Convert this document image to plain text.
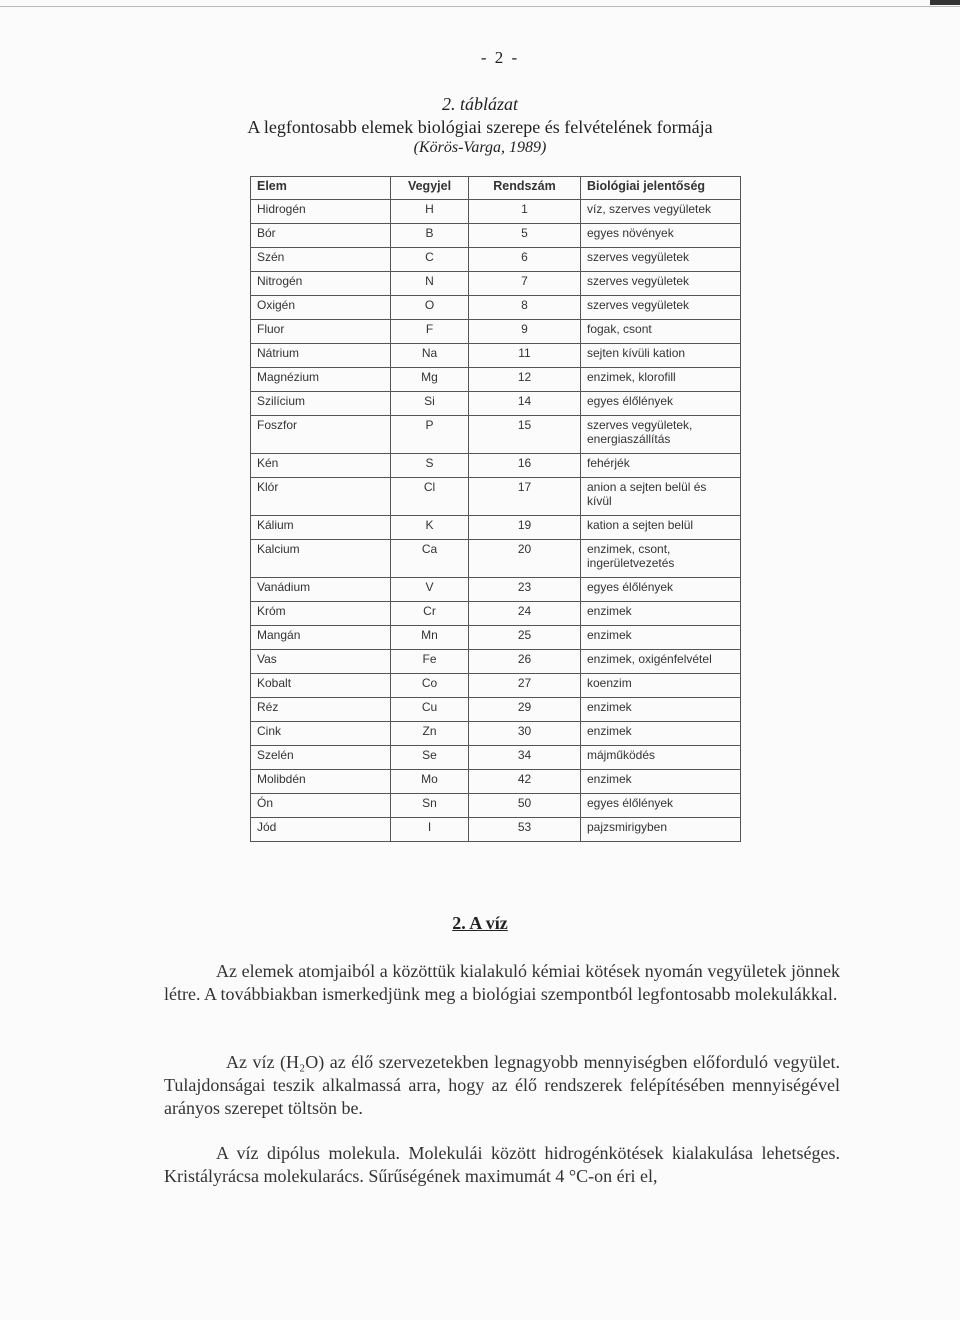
- 2 -
2. táblázat
A legfontosabb elemek biológiai szerepe és felvételének formája
(Körös-Varga, 1989)
Elem	Vegyjel	Rendszám	Biológiai jelentőség
Hidrogén	H	1	víz, szerves vegyületek
Bór	B	5	egyes növények
Szén	C	6	szerves vegyületek
Nitrogén	N	7	szerves vegyületek
Oxigén	O	8	szerves vegyületek
Fluor	F	9	fogak, csont
Nátrium	Na	11	sejten kívüli kation
Magnézium	Mg	12	enzimek, klorofill
Szilícium	Si	14	egyes élőlények
Foszfor	P	15	szerves vegyületek, energiaszállítás
Kén	S	16	fehérjék
Klór	Cl	17	anion a sejten belül és kívül
Kálium	K	19	kation a sejten belül
Kalcium	Ca	20	enzimek, csont, ingerületvezetés
Vanádium	V	23	egyes élőlények
Króm	Cr	24	enzimek
Mangán	Mn	25	enzimek
Vas	Fe	26	enzimek, oxigénfelvétel
Kobalt	Co	27	koenzim
Réz	Cu	29	enzimek
Cink	Zn	30	enzimek
Szelén	Se	34	májműködés
Molibdén	Mo	42	enzimek
Ón	Sn	50	egyes élőlények
Jód	I	53	pajzsmirigyben
2. A víz
Az elemek atomjaiból a közöttük kialakuló kémiai kötések nyomán vegyületek jönnek létre. A továbbiakban ismerkedjünk meg a biológiai szempontból legfontosabb molekulákkal.
Az víz (H₂O) az élő szervezetekben legnagyobb mennyiségben előforduló vegyület. Tulajdonságai teszik alkalmassá arra, hogy az élő rendszerek felépítésében mennyiségével arányos szerepet töltsön be.
A víz dipólus molekula. Molekulái között hidrogénkötések kialakulása lehetséges. Kristályrácsa molekularács. Sűrűségének maximumát 4 °C-on éri el,
